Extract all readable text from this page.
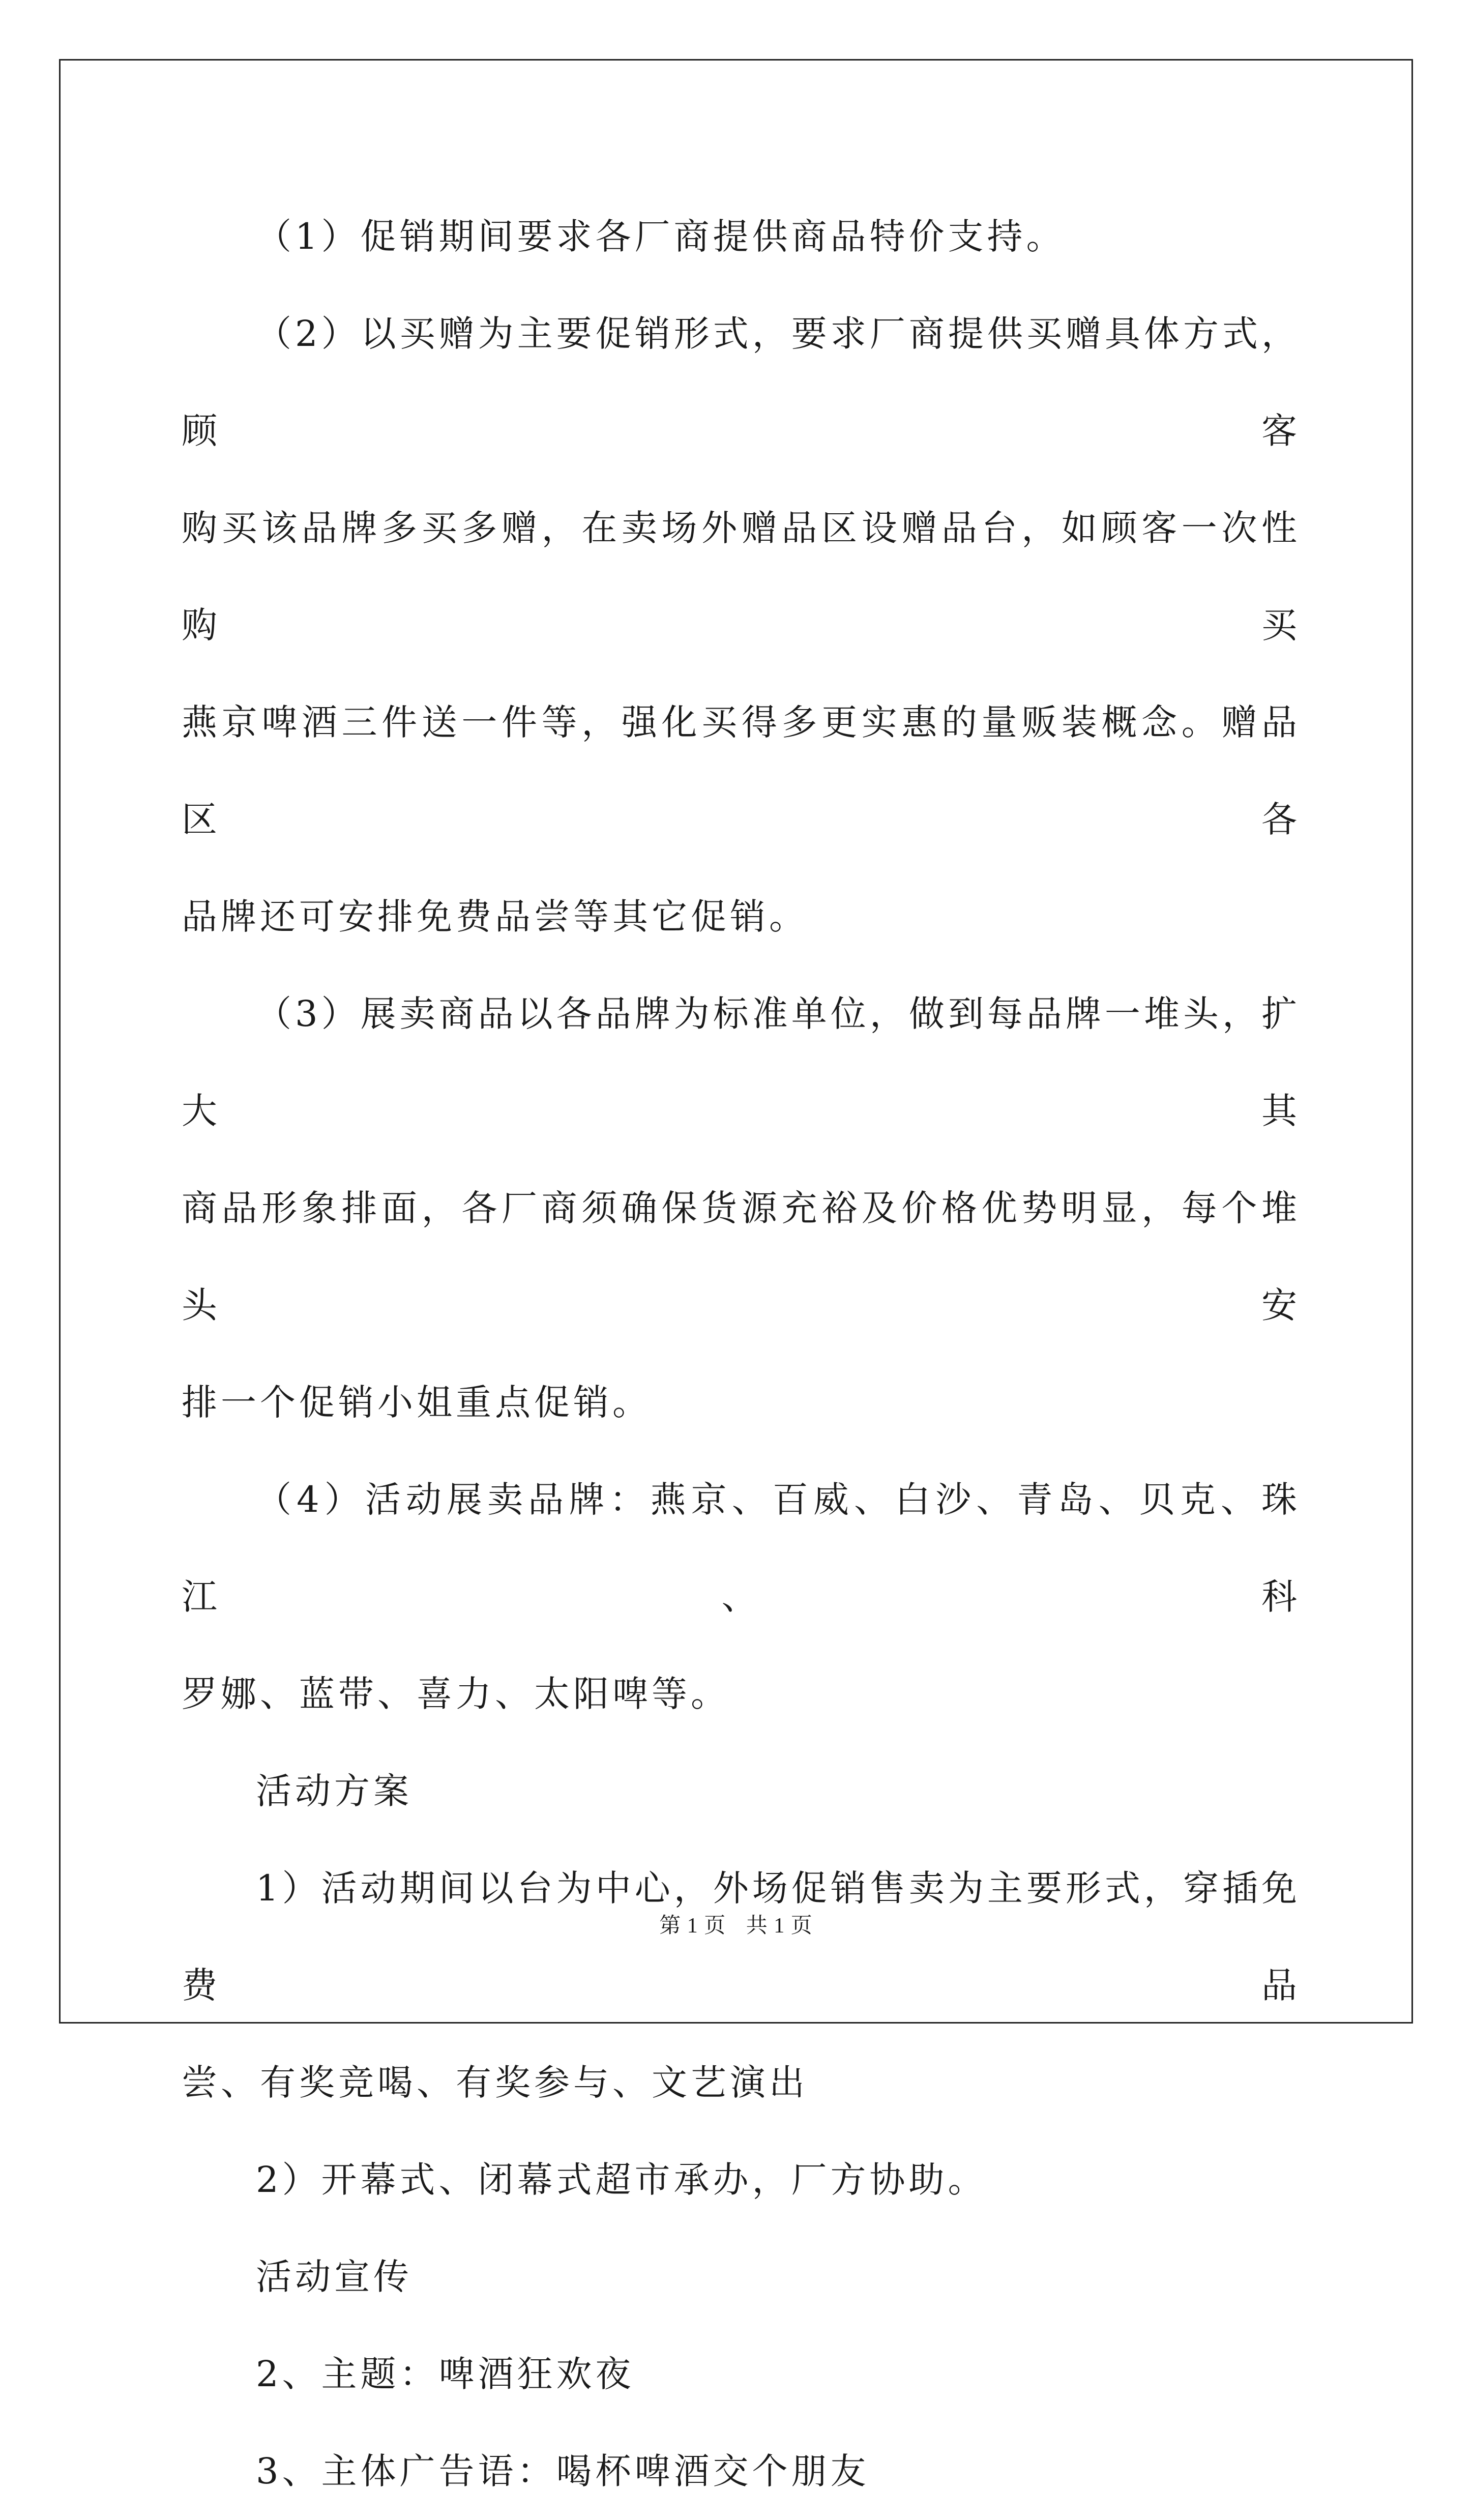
（1）促销期间要求各厂商提供商品特价支持。
（2）以买赠为主要促销形式，要求厂商提供买赠具体方式，顾客
购买该品牌多买多赠，在卖场外赠品区设赠品台，如顾客一次性购买
燕京啤酒三件送一件等，强化买得多更实惠的量贩装概念。赠品区各
品牌还可安排免费品尝等其它促销。
（3）展卖商品以各品牌为标准单位，做到每品牌一堆头，扩大其
商品形象排面，各厂商须确保货源充裕及价格优势明显，每个堆头安
排一个促销小姐重点促销。
（4）活动展卖品牌：燕京、百威、白沙、青岛、贝克、珠江、科
罗娜、蓝带、喜力、太阳啤等。
活动方案
1）活动期间以台为中心，外场促销售卖为主要形式，穿插免费品
尝、有奖竞喝、有奖参与、文艺演出
2）开幕式、闭幕式超市承办，厂方协助。
活动宣传
2、主题：啤酒狂欢夜
3、主体广告语：喝杯啤酒交个朋友
第 1 页 共 1 页
